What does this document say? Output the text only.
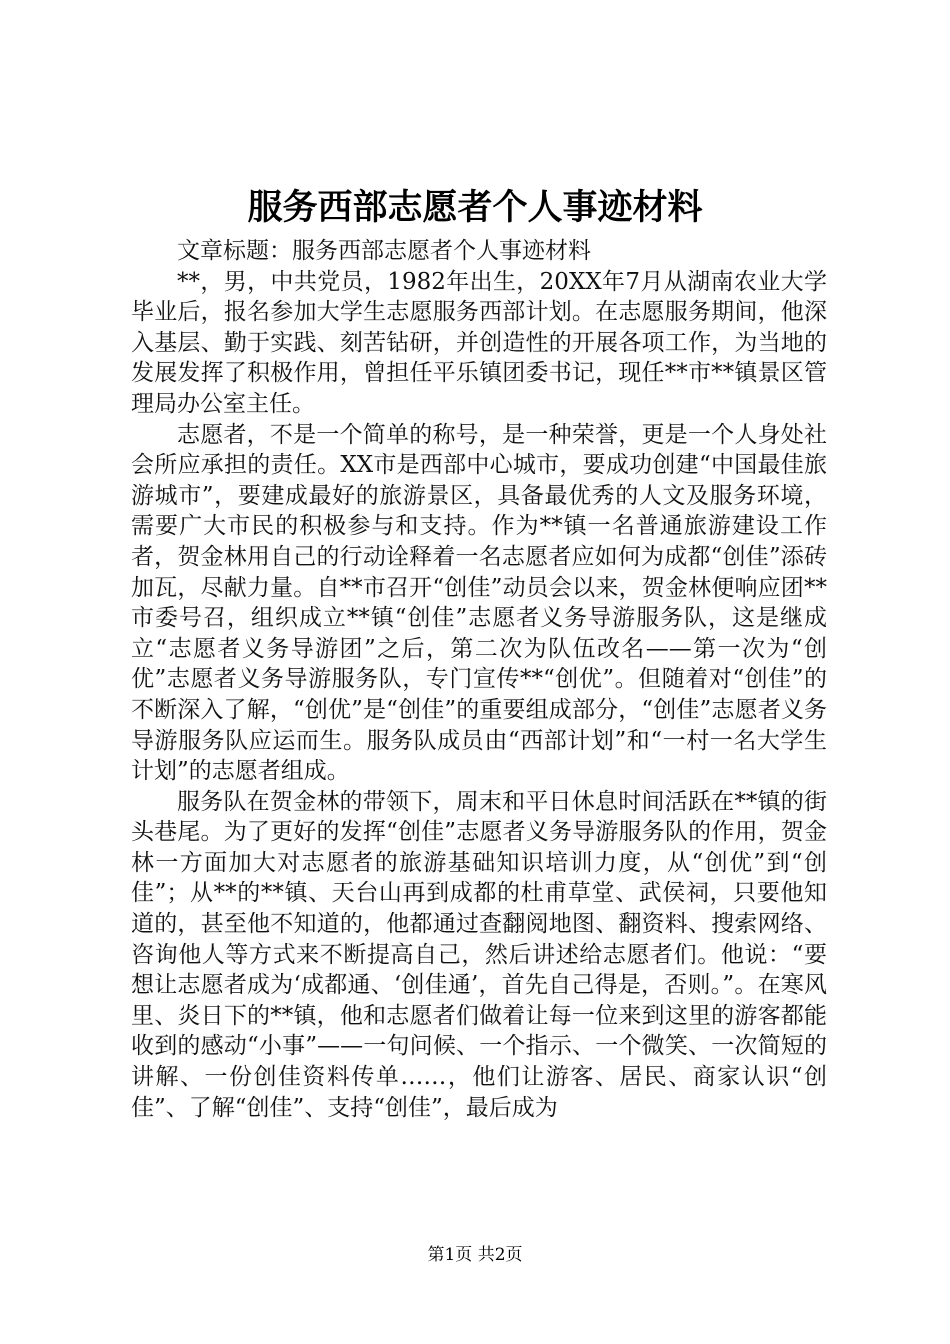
服务西部志愿者个人事迹材料

文章标题：服务西部志愿者个人事迹材料

**，男，中共党员，1982年出生，20XX年7月从湖南农业大学毕业后，报名参加大学生志愿服务西部计划。在志愿服务期间，他深入基层、勤于实践、刻苦钻研，并创造性的开展各项工作，为当地的发展发挥了积极作用，曾担任平乐镇团委书记，现任**市**镇景区管理局办公室主任。

志愿者，不是一个简单的称号，是一种荣誉，更是一个人身处社会所应承担的责任。XX市是西部中心城市，要成功创建“中国最佳旅游城市”，要建成最好的旅游景区，具备最优秀的人文及服务环境，需要广大市民的积极参与和支持。作为**镇一名普通旅游建设工作者，贺金林用自己的行动诠释着一名志愿者应如何为成都“创佳”添砖加瓦，尽献力量。自**市召开“创佳”动员会以来，贺金林便响应团**市委号召，组织成立**镇“创佳”志愿者义务导游服务队，这是继成立“志愿者义务导游团”之后，第二次为队伍改名——第一次为“创优”志愿者义务导游服务队，专门宣传**“创优”。但随着对“创佳”的不断深入了解，“创优”是“创佳”的重要组成部分，“创佳”志愿者义务导游服务队应运而生。服务队成员由“西部计划”和“一村一名大学生计划”的志愿者组成。

服务队在贺金林的带领下，周末和平日休息时间活跃在**镇的街头巷尾。为了更好的发挥“创佳”志愿者义务导游服务队的作用，贺金林一方面加大对志愿者的旅游基础知识培训力度，从“创优”到“创佳”；从**的**镇、天台山再到成都的杜甫草堂、武侯祠，只要他知道的，甚至他不知道的，他都通过查翻阅地图、翻资料、搜索网络、咨询他人等方式来不断提高自己，然后讲述给志愿者们。他说：“要想让志愿者成为‘成都通、‘创佳通’，首先自己得是，否则。”。在寒风里、炎日下的**镇，他和志愿者们做着让每一位来到这里的游客都能收到的感动“小事”——一句问候、一个指示、一个微笑、一次简短的讲解、一份创佳资料传单……，他们让游客、居民、商家认识“创佳”、了解“创佳”、支持“创佳”，最后成为

第1页 共2页
